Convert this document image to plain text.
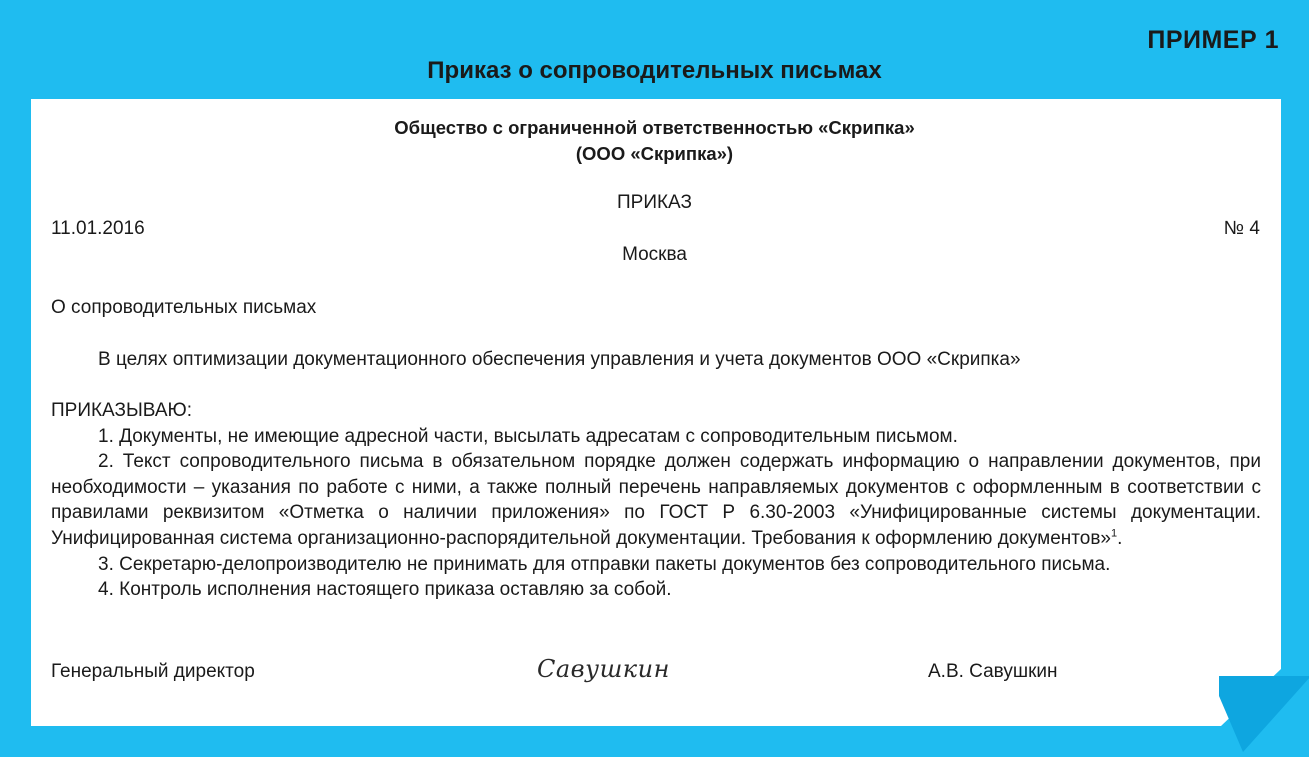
ПРИМЕР 1
Приказ о сопроводительных письмах
Общество с ограниченной ответственностью «Скрипка»
(ООО «Скрипка»)
ПРИКАЗ
11.01.2016	№ 4
Москва
О сопроводительных письмах
В целях оптимизации документационного обеспечения управления и учета документов ООО «Скрипка»

ПРИКАЗЫВАЮ:

1. Документы, не имеющие адресной части, высылать адресатам с сопроводительным письмом.

2. Текст сопроводительного письма в обязательном порядке должен содержать информацию о направлении документов, при необходимости – указания по работе с ними, а также полный перечень направляемых документов с оформленным в соответствии с правилами реквизитом «Отметка о наличии приложения» по ГОСТ Р 6.30-2003 «Унифицированные системы документации. Унифицированная система организационно-распорядительной документации. Требования к оформлению документов»$^1$.

3. Секретарю-делопроизводителю не принимать для отправки пакеты документов без сопроводительного письма.

4. Контроль исполнения настоящего приказа оставляю за собой.

Генеральный директор	Савушкин	А.В. Савушкин
